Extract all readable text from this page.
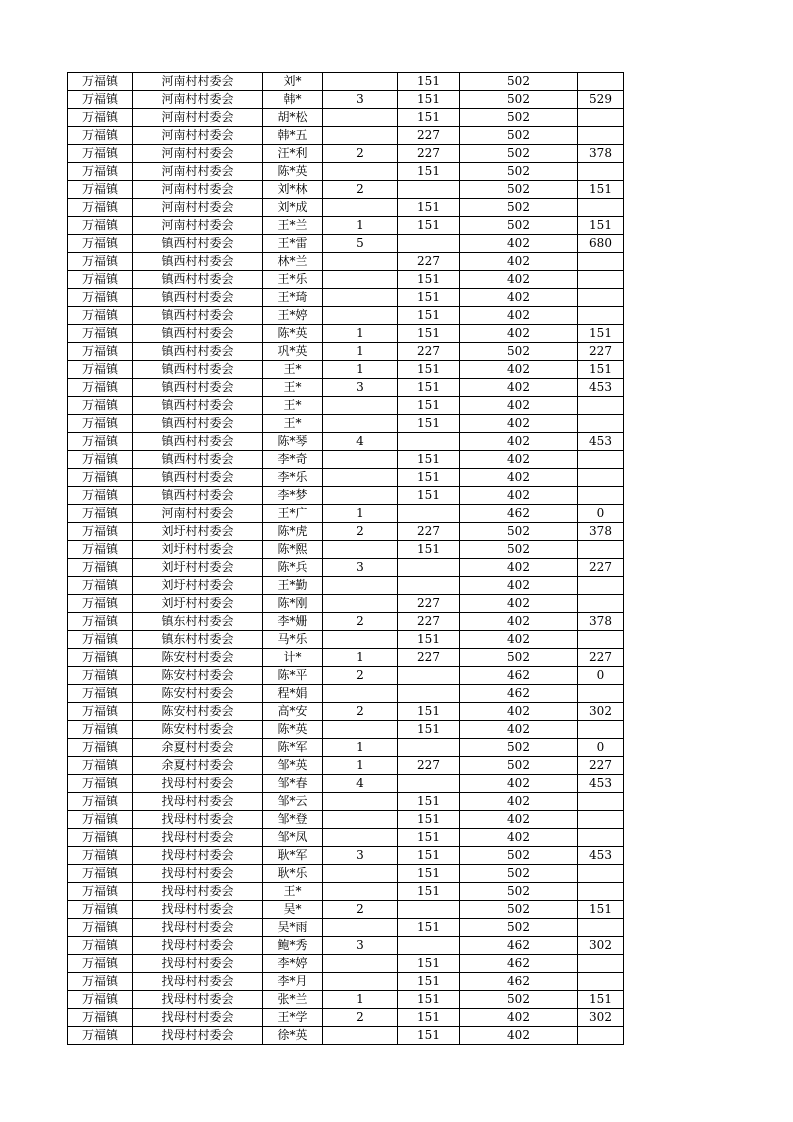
万福镇	河南村村委会	刘*		151	502	
万福镇	河南村村委会	韩*	3	151	502	529
万福镇	河南村村委会	胡*松		151	502	
万福镇	河南村村委会	韩*五		227	502	
万福镇	河南村村委会	汪*利	2	227	502	378
万福镇	河南村村委会	陈*英		151	502	
万福镇	河南村村委会	刘*林	2		502	151
万福镇	河南村村委会	刘*成		151	502	
万福镇	河南村村委会	王*兰	1	151	502	151
万福镇	镇西村村委会	王*雷	5		402	680
万福镇	镇西村村委会	林*兰		227	402	
万福镇	镇西村村委会	王*乐		151	402	
万福镇	镇西村村委会	王*琦		151	402	
万福镇	镇西村村委会	王*婷		151	402	
万福镇	镇西村村委会	陈*英	1	151	402	151
万福镇	镇西村村委会	巩*英	1	227	502	227
万福镇	镇西村村委会	王*	1	151	402	151
万福镇	镇西村村委会	王*	3	151	402	453
万福镇	镇西村村委会	王*		151	402	
万福镇	镇西村村委会	王*		151	402	
万福镇	镇西村村委会	陈*琴	4		402	453
万福镇	镇西村村委会	李*奇		151	402	
万福镇	镇西村村委会	李*乐		151	402	
万福镇	镇西村村委会	李*梦		151	402	
万福镇	河南村村委会	王*广	1		462	0
万福镇	刘圩村村委会	陈*虎	2	227	502	378
万福镇	刘圩村村委会	陈*熙		151	502	
万福镇	刘圩村村委会	陈*兵	3		402	227
万福镇	刘圩村村委会	王*勤			402	
万福镇	刘圩村村委会	陈*刚		227	402	
万福镇	镇东村村委会	李*姗	2	227	402	378
万福镇	镇东村村委会	马*乐		151	402	
万福镇	陈安村村委会	计*	1	227	502	227
万福镇	陈安村村委会	陈*平	2		462	0
万福镇	陈安村村委会	程*娟			462	
万福镇	陈安村村委会	高*安	2	151	402	302
万福镇	陈安村村委会	陈*英		151	402	
万福镇	余夏村村委会	陈*军	1		502	0
万福镇	余夏村村委会	邹*英	1	227	502	227
万福镇	找母村村委会	邹*春	4		402	453
万福镇	找母村村委会	邹*云		151	402	
万福镇	找母村村委会	邹*登		151	402	
万福镇	找母村村委会	邹*凤		151	402	
万福镇	找母村村委会	耿*军	3	151	502	453
万福镇	找母村村委会	耿*乐		151	502	
万福镇	找母村村委会	王*		151	502	
万福镇	找母村村委会	吴*	2		502	151
万福镇	找母村村委会	吴*雨		151	502	
万福镇	找母村村委会	鲍*秀	3		462	302
万福镇	找母村村委会	李*婷		151	462	
万福镇	找母村村委会	李*月		151	462	
万福镇	找母村村委会	张*兰	1	151	502	151
万福镇	找母村村委会	王*学	2	151	402	302
万福镇	找母村村委会	徐*英		151	402	
